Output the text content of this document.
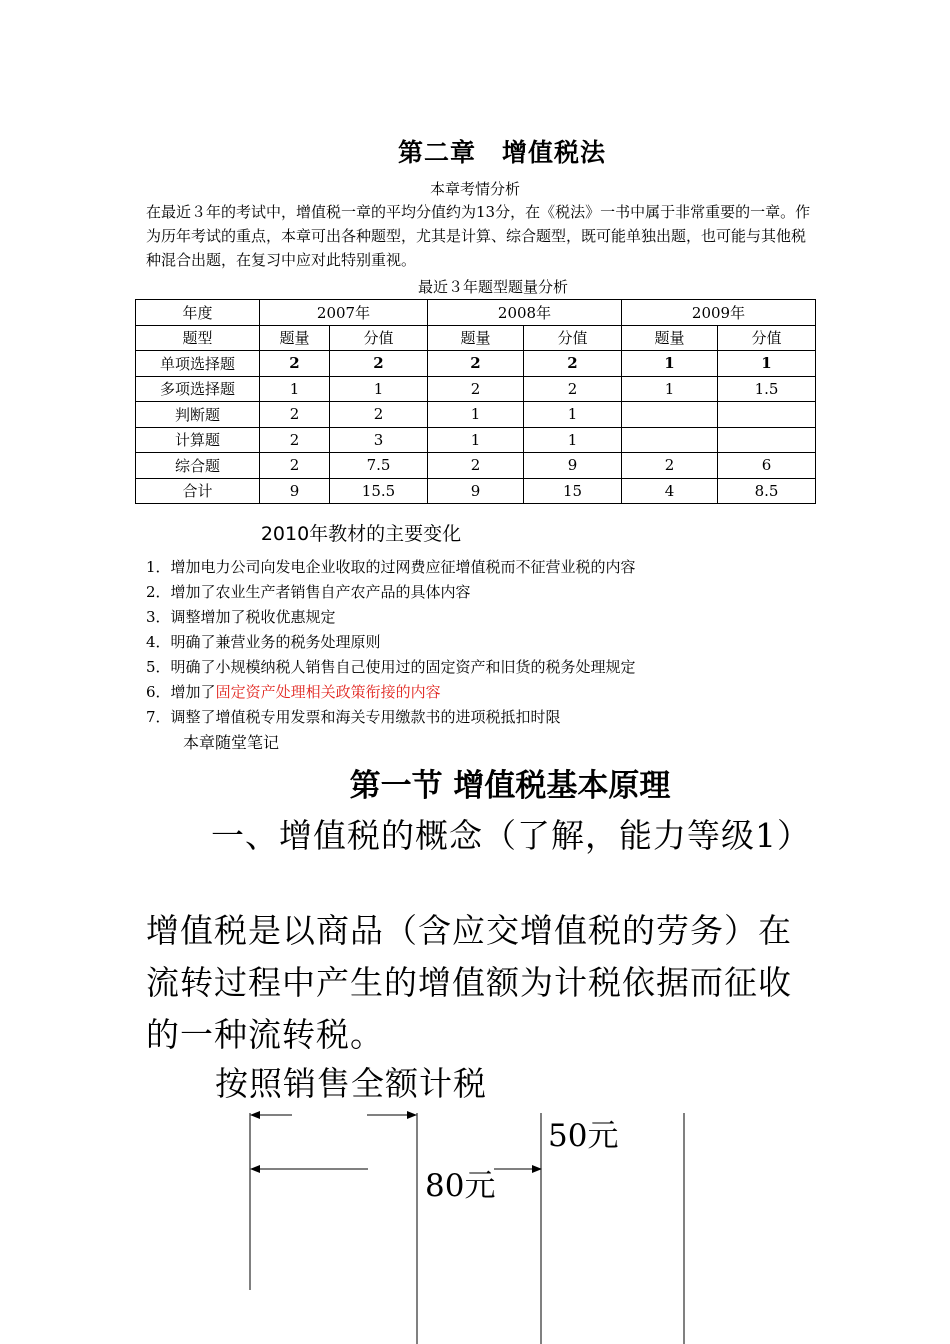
第二章　增值税法
本章考情分析
在最近３年的考试中，增值税一章的平均分值约为13分，在《税法》一书中属于非常重要的一章。作为历年考试的重点，本章可出各种题型，尤其是计算、综合题型，既可能单独出题，也可能与其他税种混合出题，在复习中应对此特别重视。
最近３年题型题量分析
年度	2007年		2008年		2009年	
题型	题量	分值	题量	分值	题量	分值
单项选择题	2	2	2	2	1	1
多项选择题	1	1	2	2	1	1.5
判断题	2	2	1	1		
计算题	2	3	1	1		
综合题	2	7.5	2	9	2	6
合计	9	15.5	9	15	4	8.5
2010年教材的主要变化
1．增加电力公司向发电企业收取的过网费应征增值税而不征营业税的内容
2．增加了农业生产者销售自产农产品的具体内容
3．调整增加了税收优惠规定
4．明确了兼营业务的税务处理原则
5．明确了小规模纳税人销售自己使用过的固定资产和旧货的税务处理规定
6．增加了固定资产处理相关政策衔接的内容
7．调整了增值税专用发票和海关专用缴款书的进项税抵扣时限
本章随堂笔记
第一节 增值税基本原理
一、增值税的概念（了解，能力等级1）
增值税是以商品（含应交增值税的劳务）在流转过程中产生的增值额为计税依据而征收的一种流转税。
按照销售全额计税
50元
80元
